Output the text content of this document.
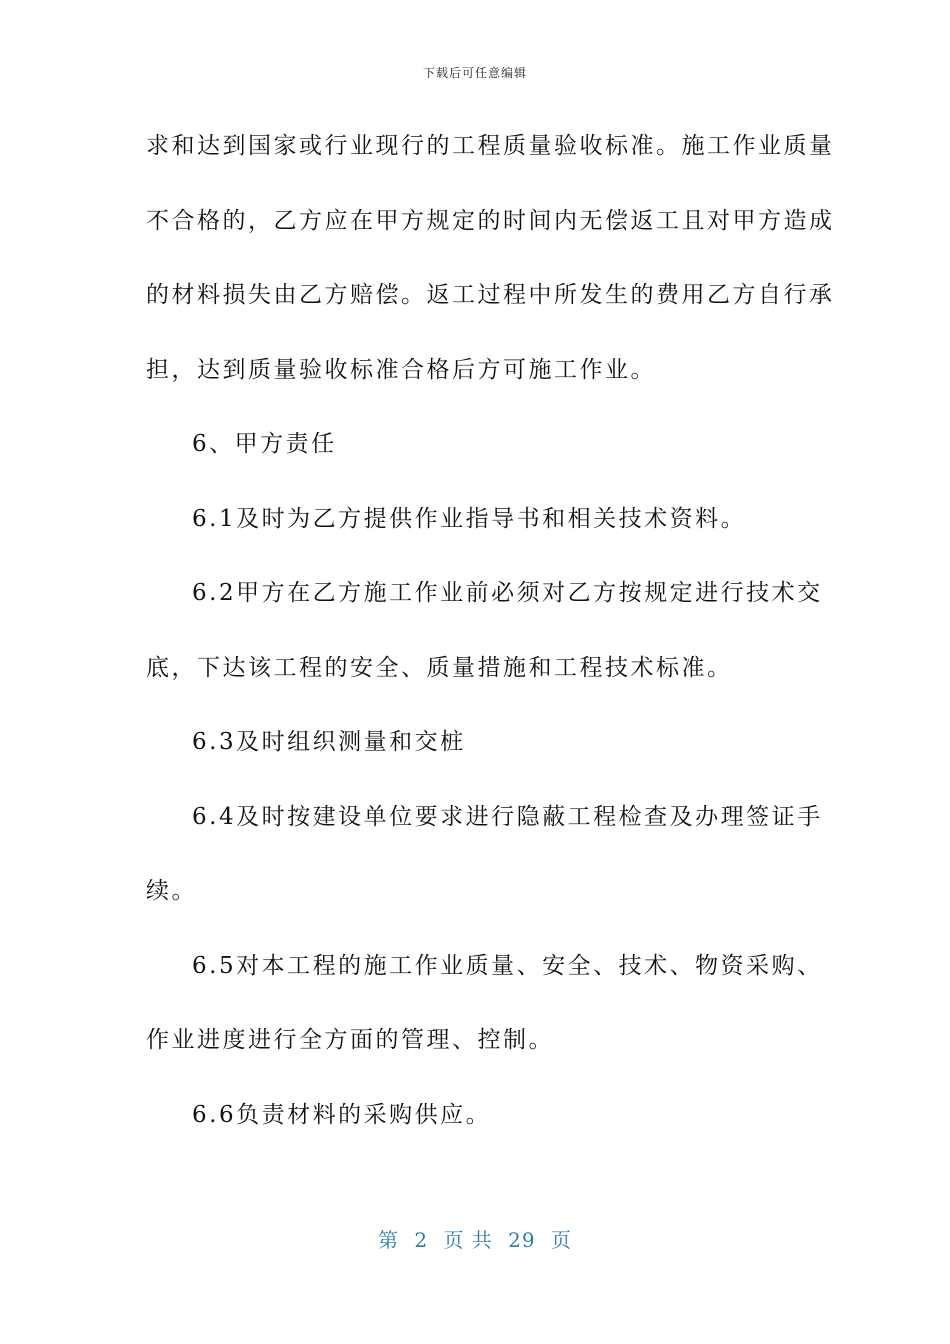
下载后可任意编辑
求和达到国家或行业现行的工程质量验收标准。施工作业质量
不合格的，乙方应在甲方规定的时间内无偿返工且对甲方造成
的材料损失由乙方赔偿。返工过程中所发生的费用乙方自行承
担，达到质量验收标准合格后方可施工作业。
6、甲方责任
6.1及时为乙方提供作业指导书和相关技术资料。
6.2甲方在乙方施工作业前必须对乙方按规定进行技术交
底，下达该工程的安全、质量措施和工程技术标准。
6.3及时组织测量和交桩
6.4及时按建设单位要求进行隐蔽工程检查及办理签证手
续。
6.5对本工程的施工作业质量、安全、技术、物资采购、
作业进度进行全方面的管理、控制。
6.6负责材料的采购供应。
第 2 页 共 29 页
